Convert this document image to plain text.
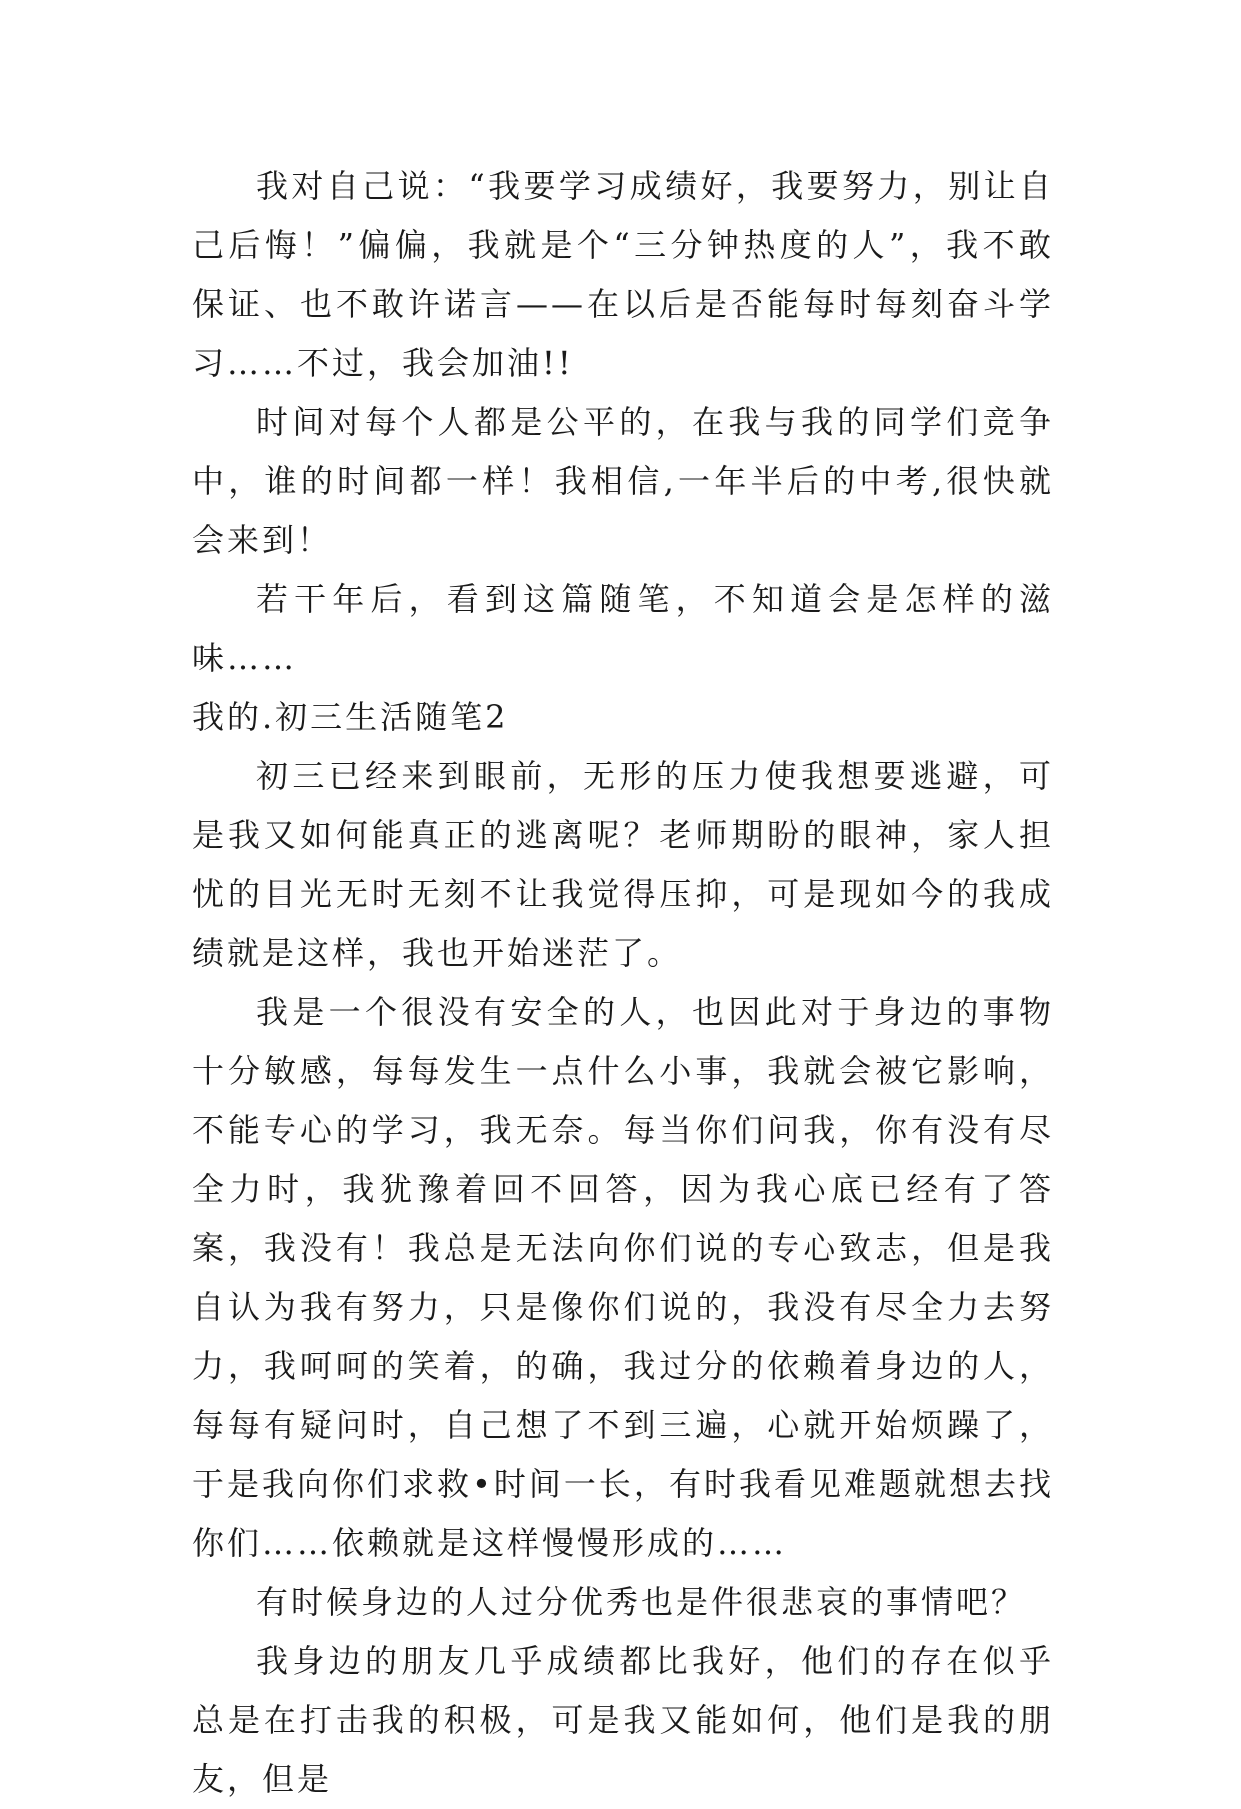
我对自己说：“我要学习成绩好，我要努力，别让自己后悔！”偏偏，我就是个“三分钟热度的人”，我不敢保证、也不敢许诺言——在以后是否能每时每刻奋斗学习……不过，我会加油!!

时间对每个人都是公平的，在我与我的同学们竞争中，谁的时间都一样！我相信,一年半后的中考,很快就会来到！

若干年后，看到这篇随笔，不知道会是怎样的滋味……

我的.初三生活随笔2

初三已经来到眼前，无形的压力使我想要逃避，可是我又如何能真正的逃离呢？老师期盼的眼神，家人担忧的目光无时无刻不让我觉得压抑，可是现如今的我成绩就是这样，我也开始迷茫了。

我是一个很没有安全的人，也因此对于身边的事物十分敏感，每每发生一点什么小事，我就会被它影响，不能专心的学习，我无奈。每当你们问我，你有没有尽全力时，我犹豫着回不回答，因为我心底已经有了答案，我没有！我总是无法向你们说的专心致志，但是我自认为我有努力，只是像你们说的，我没有尽全力去努力，我呵呵的笑着，的确，我过分的依赖着身边的人，每每有疑问时，自己想了不到三遍，心就开始烦躁了，于是我向你们求救•时间一长，有时我看见难题就想去找你们……依赖就是这样慢慢形成的……

有时候身边的人过分优秀也是件很悲哀的事情吧？

我身边的朋友几乎成绩都比我好，他们的存在似乎总是在打击我的积极，可是我又能如何，他们是我的朋友，但是
